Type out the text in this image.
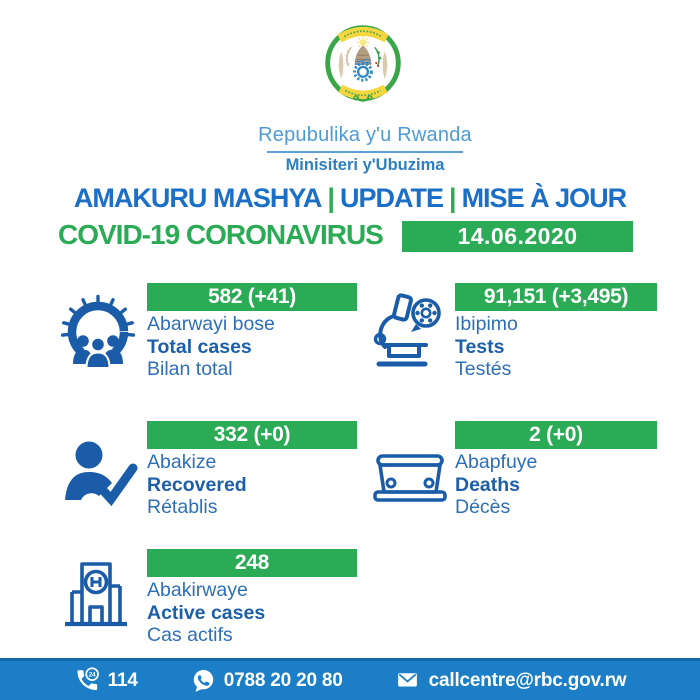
Repubulika y'u Rwanda
Minisiteri y'Ubuzima
AMAKURU MASHYA | UPDATE | MISE À JOUR
COVID-19 CORONAVIRUS	14.06.2020
582 (+41)
Abarwayi bose
Total cases
Bilan total
91,151 (+3,495)
Ibipimo
Tests
Testés
332 (+0)
Abakize
Recovered
Rétablis
2 (+0)
Abapfuye
Deaths
Décès
248
Abakirwaye
Active cases
Cas actifs
24 114	0788 20 20 80	callcentre@rbc.gov.rw
